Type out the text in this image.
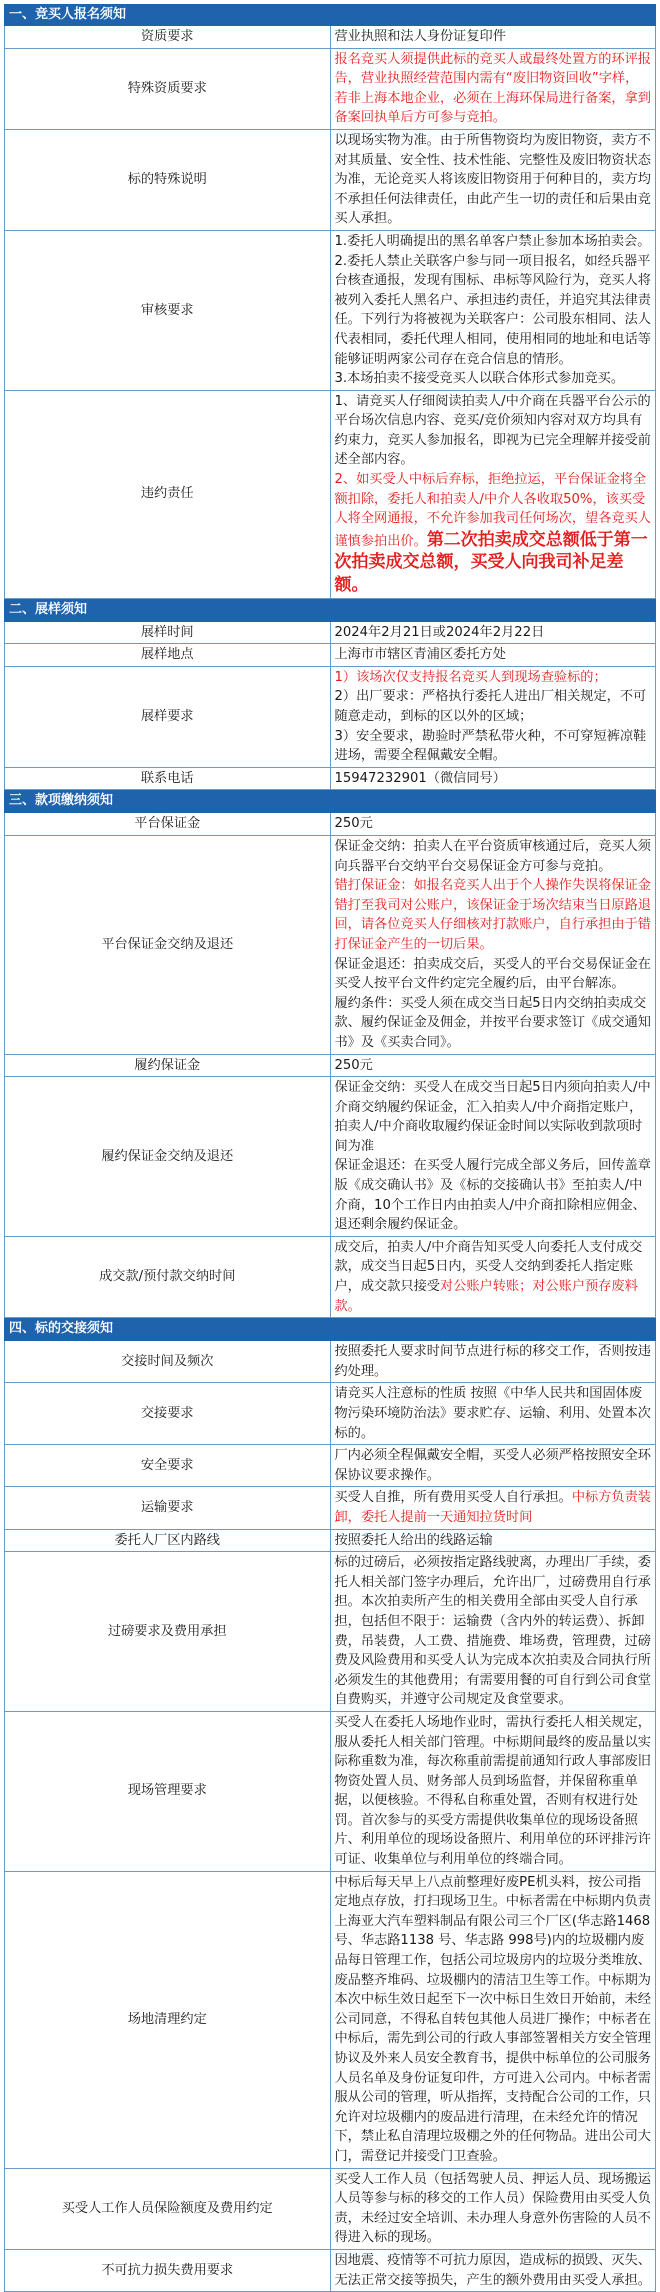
一、竞买人报名须知	
资质要求	营业执照和法人身份证复印件
特殊资质要求	报名竞买人须提供此标的竞买人或最终处置方的环评报告，营业执照经营范围内需有“废旧物资回收”字样，若非上海本地企业，必须在上海环保局进行备案，拿到备案回执单后方可参与竞拍。
标的特殊说明	以现场实物为准。由于所售物资均为废旧物资，卖方不对其质量、安全性、技术性能、完整性及废旧物资状态为准，无论竞买人将该废旧物资用于何种目的，卖方均不承担任何法律责任，由此产生一切的责任和后果由竞买人承担。
审核要求	1.委托人明确提出的黑名单客户禁止参加本场拍卖会。
2.委托人禁止关联客户参与同一项目报名，如经兵器平台核查通报，发现有围标、串标等风险行为，竞买人将被列入委托人黑名户、承担违约责任，并追究其法律责任。下列行为将被视为关联客户：公司股东相同、法人代表相同，委托代理人相同，使用相同的地址和电话等能够证明两家公司存在竞合信息的情形。
3.本场拍卖不接受竞买人以联合体形式参加竞买。

违约责任	1、请竞买人仔细阅读拍卖人/中介商在兵器平台公示的平台场次信息内容、竞买/竞价须知内容对双方均具有约束力，竞买人参加报名，即视为已完全理解并接受前述全部内容。
2、如买受人中标后弃标，拒绝拉运，平台保证金将全额扣除，委托人和拍卖人/中介人各收取50%，该买受人将全网通报，不允许参加我司任何场次，望各竞买人谨慎参拍出价。第二次拍卖成交总额低于第一次拍卖成交总额，买受人向我司补足差额。
二、展样须知	
展样时间	2024年2月21日或2024年2月22日
展样地点	上海市市辖区青浦区委托方处
展样要求	1）该场次仅支持报名竞买人到现场查验标的；
2）出厂要求：严格执行委托人进出厂相关规定，不可随意走动，到标的区以外的区域；
3）安全要求，勘验时严禁私带火种，不可穿短裤凉鞋进场，需要全程佩戴安全帽。

联系电话	15947232901（微信同号）
三、款项缴纳须知	
平台保证金	250元
平台保证金交纳及退还	保证金交纳：拍卖人在平台资质审核通过后，竞买人须向兵器平台交纳平台交易保证金方可参与竞拍。
错打保证金：如报名竞买人出于个人操作失误将保证金错打至我司对公账户，该保证金于场次结束当日原路退回，请各位竞买人仔细核对打款账户，自行承担由于错打保证金产生的一切后果。
保证金退还：拍卖成交后，买受人的平台交易保证金在买受人按平台文件约定完全履约后，由平台解冻。
履约条件：买受人须在成交当日起5日内交纳拍卖成交款、履约保证金及佣金，并按平台要求签订《成交通知书》及《买卖合同》。

履约保证金	250元
履约保证金交纳及退还	保证金交纳：买受人在成交当日起5日内须向拍卖人/中介商交纳履约保证金，汇入拍卖人/中介商指定账户，拍卖人/中介商收取履约保证金时间以实际收到款项时间为准
保证金退还：在买受人履行完成全部义务后，回传盖章版《成交确认书》及《标的交接确认书》至拍卖人/中介商，10个工作日内由拍卖人/中介商扣除相应佣金、退还剩余履约保证金。

成交款/预付款交纳时间	成交后，拍卖人/中介商告知买受人向委托人支付成交款，成交当日起5日内，买受人交纳到委托人指定账户，成交款只接受对公账户转账；对公账户预存废料款。
四、标的交接须知	
交接时间及频次	按照委托人要求时间节点进行标的移交工作，否则按违约处理。
交接要求	请竞买人注意标的性质 按照《中华人民共和国固体废物污染环境防治法》要求贮存、运输、利用、处置本次标的。
安全要求	厂内必须全程佩戴安全帽，买受人必须严格按照安全环保协议要求操作。
运输要求	买受人自推，所有费用买受人自行承担。中标方负责装卸，委托人提前一天通知拉货时间
委托人厂区内路线	按照委托人给出的线路运输
过磅要求及费用承担	标的过磅后，必须按指定路线驶离，办理出厂手续，委托人相关部门签字办理后，允许出厂，过磅费用自行承担。本次拍卖所产生的相关费用全部由买受人自行承担，包括但不限于：运输费（含内外的转运费）、拆卸费，吊装费，人工费、措施费、堆场费，管理费，过磅费及风险费用和买受人认为完成本次拍卖及合同执行所必须发生的其他费用；有需要用餐的可自行到公司食堂自费购买，并遵守公司规定及食堂要求。
现场管理要求	买受人在委托人场地作业时，需执行委托人相关规定，服从委托人相关部门管理。中标期间最终的废品量以实际称重数为准，每次称重前需提前通知行政人事部废旧物资处置人员、财务部人员到场监督，并保留称重单据，以便核验。不得私自称重处置，否则有权进行处罚。首次参与的买受方需提供收集单位的现场设备照片、利用单位的现场设备照片、利用单位的环评排污许可证、收集单位与利用单位的终端合同。
场地清理约定	中标后每天早上八点前整理好废PE机头料，按公司指定地点存放，打扫现场卫生。中标者需在中标期内负责上海亚大汽车塑料制品有限公司三个厂区(华志路1468 号、华志路1138 号、华志路 998号)内的垃圾棚内废品每日管理工作，包括公司垃圾房内的垃圾分类堆放、废品整齐堆码、垃圾棚内的清洁卫生等工作。中标期为本次中标生效日起至下一次中标日生效日开始前，未经公司同意，不得私自转包其他人员进厂操作；中标者在中标后，需先到公司的行政人事部签署相关方安全管理协议及外来人员安全教育书，提供中标单位的公司服务人员名单及身份证复印件，方可进入公司内。中标者需服从公司的管理，听从指挥，支持配合公司的工作，只允许对垃圾棚内的废品进行清理，在未经允许的情况下，禁止私自清理垃圾棚之外的任何物品。进出公司大门，需登记并接受门卫查验。
买受人工作人员保险额度及费用约定	买受人工作人员（包括驾驶人员、押运人员、现场搬运人员等参与标的移交的工作人员）保险费用由买受人负责，未经过安全培训、未办理人身意外伤害险的人员不得进入标的现场。
不可抗力损失费用要求	因地震、疫情等不可抗力原因，造成标的损毁、灭失、无法正常交接等损失，产生的额外费用由买受人承担。
